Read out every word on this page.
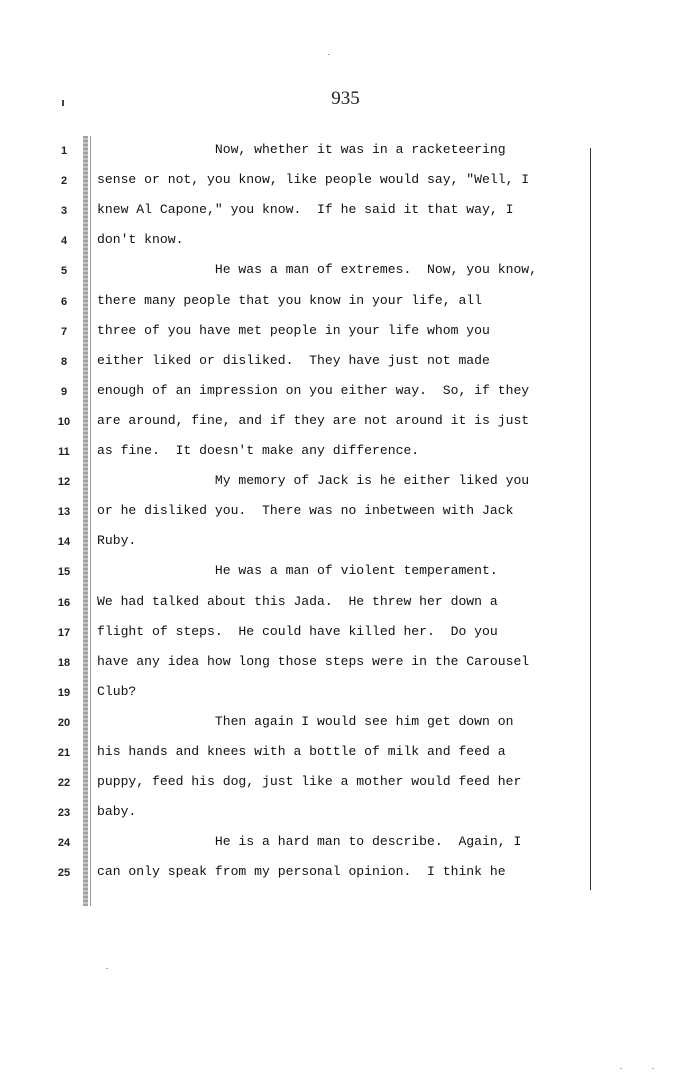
935
1	Now, whether it was in a racketeering
2	sense or not, you know, like people would say, "Well, I
3	knew Al Capone," you know.  If he said it that way, I
4	don't know.
5	He was a man of extremes.  Now, you know,
6	there many people that you know in your life, all
7	three of you have met people in your life whom you
8	either liked or disliked.  They have just not made
9	enough of an impression on you either way.  So, if they
10	are around, fine, and if they are not around it is just
11	as fine.  It doesn't make any difference.
12	My memory of Jack is he either liked you
13	or he disliked you.  There was no inbetween with Jack
14	Ruby.
15	He was a man of violent temperament.
16	We had talked about this Jada.  He threw her down a
17	flight of steps.  He could have killed her.  Do you
18	have any idea how long those steps were in the Carousel
19	Club?
20	Then again I would see him get down on
21	his hands and knees with a bottle of milk and feed a
22	puppy, feed his dog, just like a mother would feed her
23	baby.
24	He is a hard man to describe.  Again, I
25	can only speak from my personal opinion.  I think he
